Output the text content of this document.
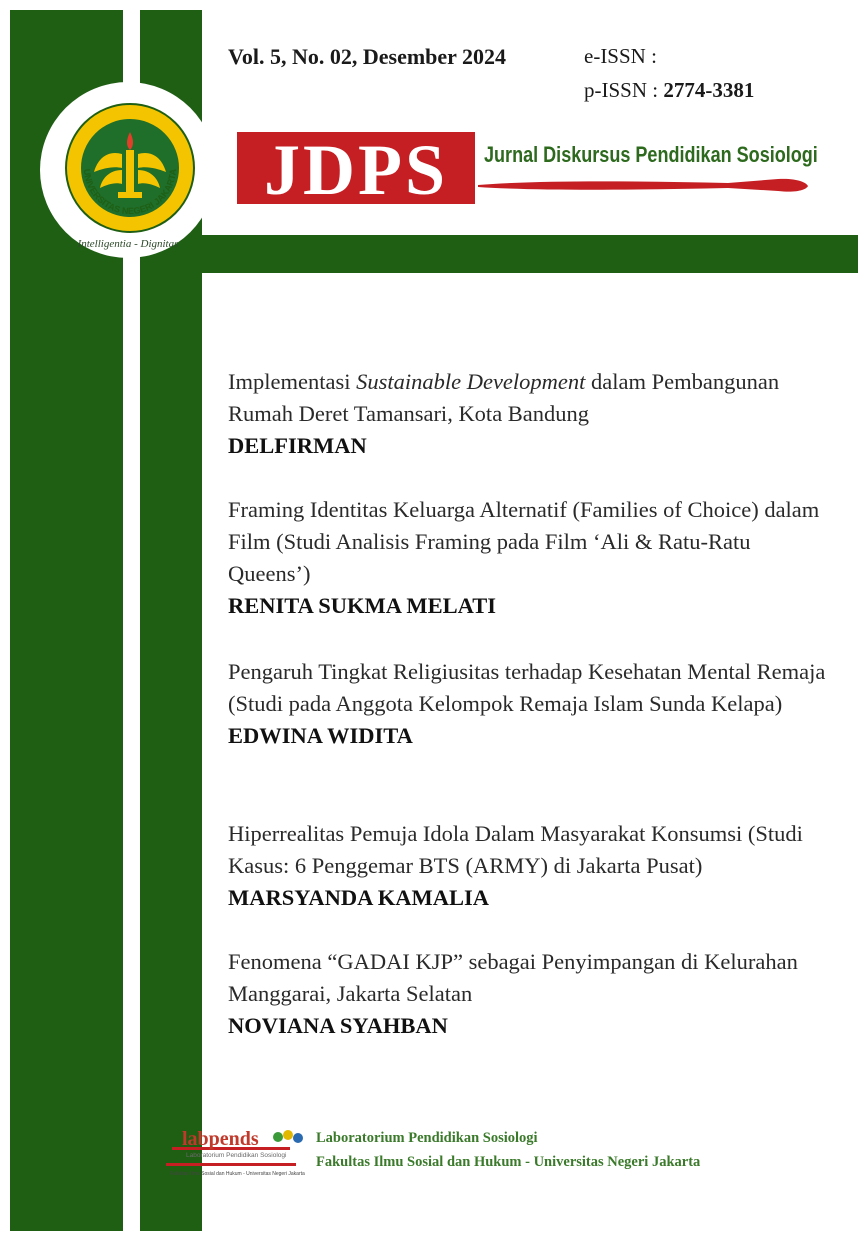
UNIVERSITAS NEGERI JAKARTA
Intelligentia - Dignitas
Vol. 5, No. 02, Desember 2024	e-ISSN :
p-ISSN : 2774-3381
JDPS	Jurnal Diskursus Pendidikan Sosiologi
Implementasi Sustainable Development dalam Pembangunan Rumah Deret Tamansari, Kota Bandung
DELFIRMAN
Framing Identitas Keluarga Alternatif (Families of Choice) dalam Film (Studi Analisis Framing pada Film ‘Ali & Ratu-Ratu Queens’)
RENITA SUKMA MELATI
Pengaruh Tingkat Religiusitas terhadap Kesehatan Mental Remaja (Studi pada Anggota Kelompok Remaja Islam Sunda Kelapa)
EDWINA WIDITA
Hiperrealitas Pemuja Idola Dalam Masyarakat Konsumsi (Studi Kasus: 6 Penggemar BTS (ARMY) di Jakarta Pusat)
MARSYANDA KAMALIA
Fenomena “GADAI KJP” sebagai Penyimpangan di Kelurahan Manggarai, Jakarta Selatan
NOVIANA SYAHBAN
labpends
Laboratorium Pendidikan Sosiologi
Fakultas Ilmu Sosial dan Hukum - Universitas Negeri Jakarta
Laboratorium Pendidikan Sosiologi
Fakultas Ilmu Sosial dan Hukum - Universitas Negeri Jakarta
